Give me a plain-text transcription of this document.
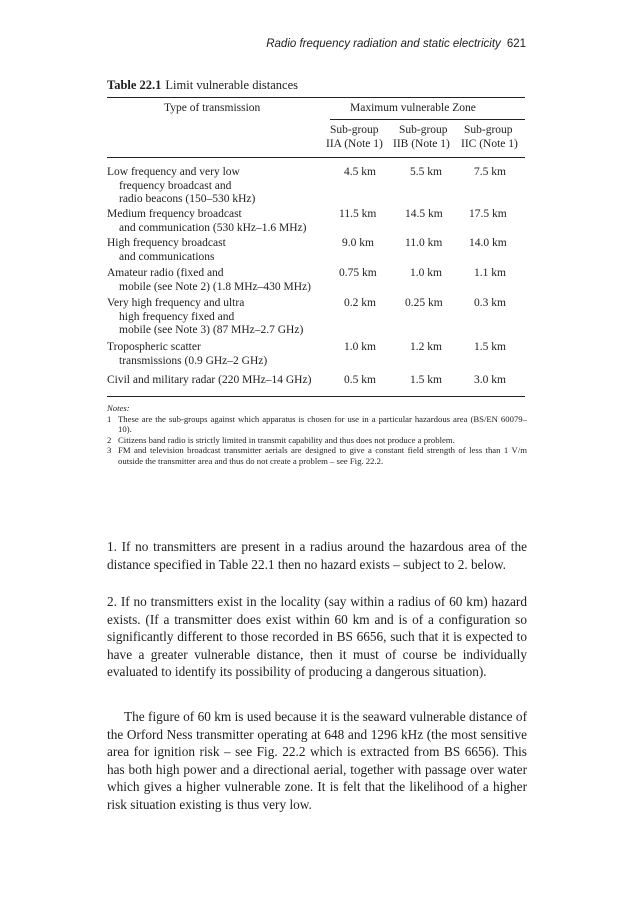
Radio frequency radiation and static electricity 621
Table 22.1 Limit vulnerable distances
Type of transmission	Maximum vulnerable Zone
Sub-group
IIA (Note 1)
Sub-group
IIB (Note 1)
Sub-group
IIC (Note 1)
Low frequency and very low
frequency broadcast and
radio beacons (150–530 kHz)
4.5 km	5.5 km	7.5 km
Medium frequency broadcast
and communication (530 kHz–1.6 MHz)
11.5 km 14.5 km 17.5 km
High frequency broadcast
and communications
9.0 km	11.0 km 14.0 km
Amateur radio (fixed and
mobile (see Note 2) (1.8 MHz–430 MHz)
0.75 km	1.0 km	1.1 km
Very high frequency and ultra
high frequency fixed and
mobile (see Note 3) (87 MHz–2.7 GHz)
0.2 km	0.25 km	0.3 km
Tropospheric scatter
transmissions (0.9 GHz–2 GHz)
1.0 km	1.2 km	1.5 km
Civil and military radar (220 MHz–14 GHz)	0.5 km	1.5 km	3.0 km
Notes:
1 These are the sub-groups against which apparatus is chosen for use in a particular hazardous area (BS/EN 60079–10).
2 Citizens band radio is strictly limited in transmit capability and thus does not produce a problem.
3 FM and television broadcast transmitter aerials are designed to give a constant field strength of less than 1 V/m outside the transmitter area and thus do not create a problem – see Fig. 22.2.

1. If no transmitters are present in a radius around the hazardous area of the distance specified in Table 22.1 then no hazard exists – subject to 2. below.

2. If no transmitters exist in the locality (say within a radius of 60 km) hazard exists. (If a transmitter does exist within 60 km and is of a configuration so significantly different to those recorded in BS 6656, such that it is expected to have a greater vulnerable distance, then it must of course be individually evaluated to identify its possibility of producing a dangerous situation).

The figure of 60 km is used because it is the seaward vulnerable distance of the Orford Ness transmitter operating at 648 and 1296 kHz (the most sensitive area for ignition risk – see Fig. 22.2 which is extracted from BS 6656). This has both high power and a directional aerial, together with passage over water which gives a higher vulnerable zone. It is felt that the likelihood of a higher risk situation existing is thus very low.
